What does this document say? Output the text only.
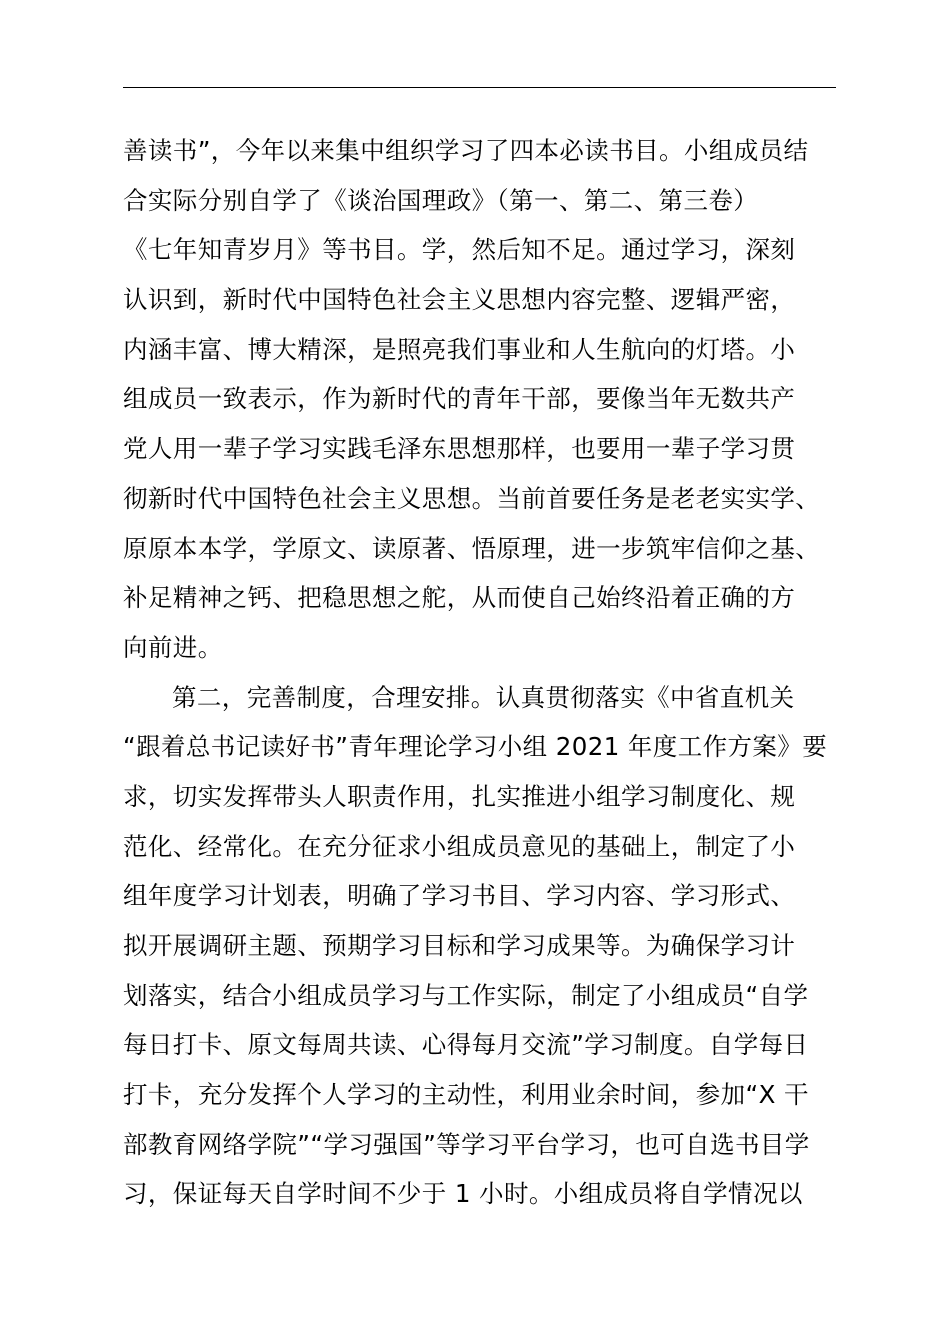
善读书”，今年以来集中组织学习了四本必读书目。小组成员结
合实际分别自学了《谈治国理政》（第一、第二、第三卷）
《七年知青岁月》等书目。学，然后知不足。通过学习，深刻
认识到，新时代中国特色社会主义思想内容完整、逻辑严密，
内涵丰富、博大精深，是照亮我们事业和人生航向的灯塔。小
组成员一致表示，作为新时代的青年干部，要像当年无数共产
党人用一辈子学习实践毛泽东思想那样，也要用一辈子学习贯
彻新时代中国特色社会主义思想。当前首要任务是老老实实学、
原原本本学，学原文、读原著、悟原理，进一步筑牢信仰之基、
补足精神之钙、把稳思想之舵，从而使自己始终沿着正确的方
向前进。
第二，完善制度，合理安排。认真贯彻落实《中省直机关
“跟着总书记读好书”青年理论学习小组 2021 年度工作方案》要
求，切实发挥带头人职责作用，扎实推进小组学习制度化、规
范化、经常化。在充分征求小组成员意见的基础上，制定了小
组年度学习计划表，明确了学习书目、学习内容、学习形式、
拟开展调研主题、预期学习目标和学习成果等。为确保学习计
划落实，结合小组成员学习与工作实际，制定了小组成员“自学
每日打卡、原文每周共读、心得每月交流”学习制度。自学每日
打卡，充分发挥个人学习的主动性，利用业余时间，参加“X 干
部教育网络学院”“学习强国”等学习平台学习，也可自选书目学
习，保证每天自学时间不少于 1 小时。小组成员将自学情况以
